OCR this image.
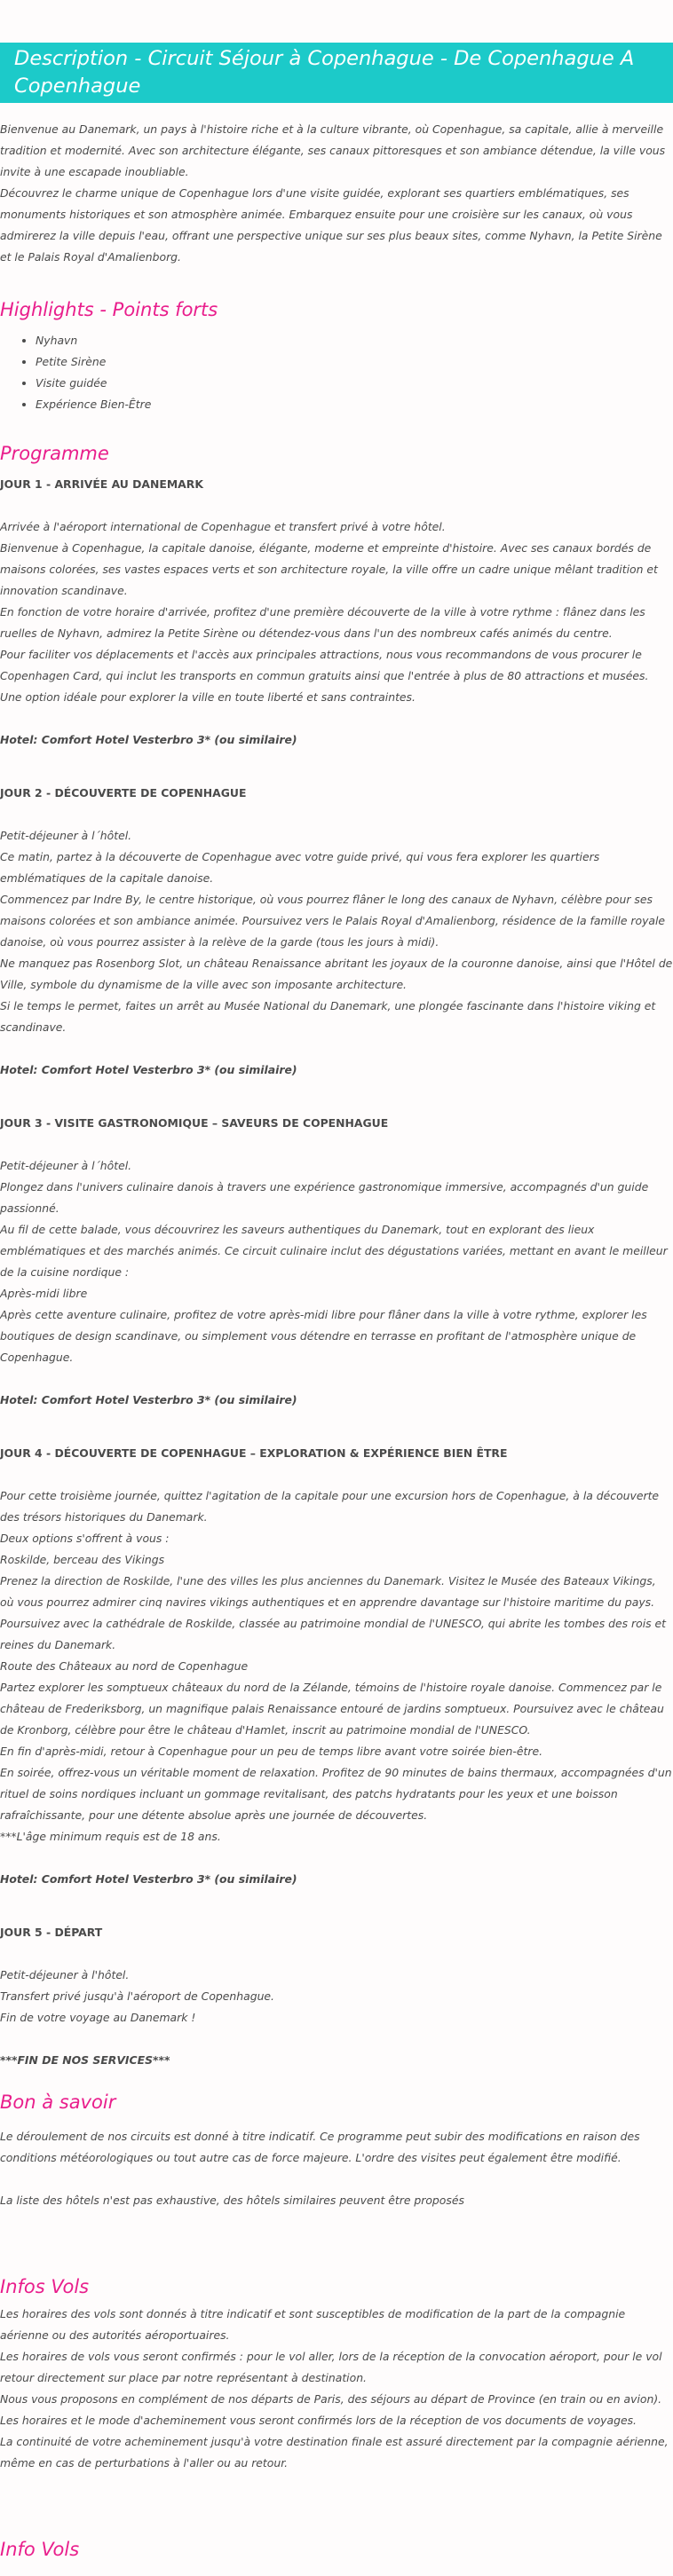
Description - Circuit Séjour à Copenhague - De Copenhague A Copenhague

Bienvenue au Danemark, un pays à l'histoire riche et à la culture vibrante, où Copenhague, sa capitale, allie à merveille tradition et modernité. Avec son architecture élégante, ses canaux pittoresques et son ambiance détendue, la ville vous invite à une escapade inoubliable.

Découvrez le charme unique de Copenhague lors d'une visite guidée, explorant ses quartiers emblématiques, ses monuments historiques et son atmosphère animée. Embarquez ensuite pour une croisière sur les canaux, où vous admirerez la ville depuis l'eau, offrant une perspective unique sur ses plus beaux sites, comme Nyhavn, la Petite Sirène et le Palais Royal d'Amalienborg.

Highlights - Points forts
• Nyhavn
• Petite Sirène
• Visite guidée
• Expérience Bien-Être
Programme

JOUR 1 - ARRIVÉE AU DANEMARK

Arrivée à l'aéroport international de Copenhague et transfert privé à votre hôtel.

Bienvenue à Copenhague, la capitale danoise, élégante, moderne et empreinte d'histoire. Avec ses canaux bordés de maisons colorées, ses vastes espaces verts et son architecture royale, la ville offre un cadre unique mêlant tradition et innovation scandinave.

En fonction de votre horaire d'arrivée, profitez d'une première découverte de la ville à votre rythme : flânez dans les ruelles de Nyhavn, admirez la Petite Sirène ou détendez-vous dans l'un des nombreux cafés animés du centre.

Pour faciliter vos déplacements et l'accès aux principales attractions, nous vous recommandons de vous procurer le Copenhagen Card, qui inclut les transports en commun gratuits ainsi que l'entrée à plus de 80 attractions et musées. Une option idéale pour explorer la ville en toute liberté et sans contraintes.

Hotel: Comfort Hotel Vesterbro 3* (ou similaire)

JOUR 2 - DÉCOUVERTE DE COPENHAGUE

Petit-déjeuner à l´hôtel.

Ce matin, partez à la découverte de Copenhague avec votre guide privé, qui vous fera explorer les quartiers emblématiques de la capitale danoise.

Commencez par Indre By, le centre historique, où vous pourrez flâner le long des canaux de Nyhavn, célèbre pour ses maisons colorées et son ambiance animée. Poursuivez vers le Palais Royal d'Amalienborg, résidence de la famille royale danoise, où vous pourrez assister à la relève de la garde (tous les jours à midi).

Ne manquez pas Rosenborg Slot, un château Renaissance abritant les joyaux de la couronne danoise, ainsi que l'Hôtel de Ville, symbole du dynamisme de la ville avec son imposante architecture.

Si le temps le permet, faites un arrêt au Musée National du Danemark, une plongée fascinante dans l'histoire viking et scandinave.

Hotel: Comfort Hotel Vesterbro 3* (ou similaire)

JOUR 3 - VISITE GASTRONOMIQUE – SAVEURS DE COPENHAGUE

Petit-déjeuner à l´hôtel.

Plongez dans l'univers culinaire danois à travers une expérience gastronomique immersive, accompagnés d'un guide passionné.

Au fil de cette balade, vous découvrirez les saveurs authentiques du Danemark, tout en explorant des lieux emblématiques et des marchés animés. Ce circuit culinaire inclut des dégustations variées, mettant en avant le meilleur de la cuisine nordique :

Après-midi libre

Après cette aventure culinaire, profitez de votre après-midi libre pour flâner dans la ville à votre rythme, explorer les boutiques de design scandinave, ou simplement vous détendre en terrasse en profitant de l'atmosphère unique de Copenhague.

Hotel: Comfort Hotel Vesterbro 3* (ou similaire)

JOUR 4 - DÉCOUVERTE DE COPENHAGUE – EXPLORATION & EXPÉRIENCE BIEN ÊTRE

Pour cette troisième journée, quittez l'agitation de la capitale pour une excursion hors de Copenhague, à la découverte des trésors historiques du Danemark.

Deux options s'offrent à vous :

Roskilde, berceau des Vikings

Prenez la direction de Roskilde, l'une des villes les plus anciennes du Danemark. Visitez le Musée des Bateaux Vikings, où vous pourrez admirer cinq navires vikings authentiques et en apprendre davantage sur l'histoire maritime du pays. Poursuivez avec la cathédrale de Roskilde, classée au patrimoine mondial de l'UNESCO, qui abrite les tombes des rois et reines du Danemark.

Route des Châteaux au nord de Copenhague

Partez explorer les somptueux châteaux du nord de la Zélande, témoins de l'histoire royale danoise. Commencez par le château de Frederiksborg, un magnifique palais Renaissance entouré de jardins somptueux. Poursuivez avec le château de Kronborg, célèbre pour être le château d'Hamlet, inscrit au patrimoine mondial de l'UNESCO.

En fin d'après-midi, retour à Copenhague pour un peu de temps libre avant votre soirée bien-être.

En soirée, offrez-vous un véritable moment de relaxation. Profitez de 90 minutes de bains thermaux, accompagnées d'un rituel de soins nordiques incluant un gommage revitalisant, des patchs hydratants pour les yeux et une boisson rafraîchissante, pour une détente absolue après une journée de découvertes.

***L'âge minimum requis est de 18 ans.

Hotel: Comfort Hotel Vesterbro 3* (ou similaire)

JOUR 5 - DÉPART

Petit-déjeuner à l'hôtel.

Transfert privé jusqu'à l'aéroport de Copenhague.

Fin de votre voyage au Danemark !

***FIN DE NOS SERVICES***

Bon à savoir

Le déroulement de nos circuits est donné à titre indicatif. Ce programme peut subir des modifications en raison des conditions météorologiques ou tout autre cas de force majeure. L'ordre des visites peut également être modifié.

La liste des hôtels n'est pas exhaustive, des hôtels similaires peuvent être proposés

Infos Vols

Les horaires des vols sont donnés à titre indicatif et sont susceptibles de modification de la part de la compagnie aérienne ou des autorités aéroportuaires.

Les horaires de vols vous seront confirmés : pour le vol aller, lors de la réception de la convocation aéroport, pour le vol retour directement sur place par notre représentant à destination.

Nous vous proposons en complément de nos départs de Paris, des séjours au départ de Province (en train ou en avion).

Les horaires et le mode d'acheminement vous seront confirmés lors de la réception de vos documents de voyages.

La continuité de votre acheminement jusqu'à votre destination finale est assuré directement par la compagnie aérienne, même en cas de perturbations à l'aller ou au retour.

Info Vols
